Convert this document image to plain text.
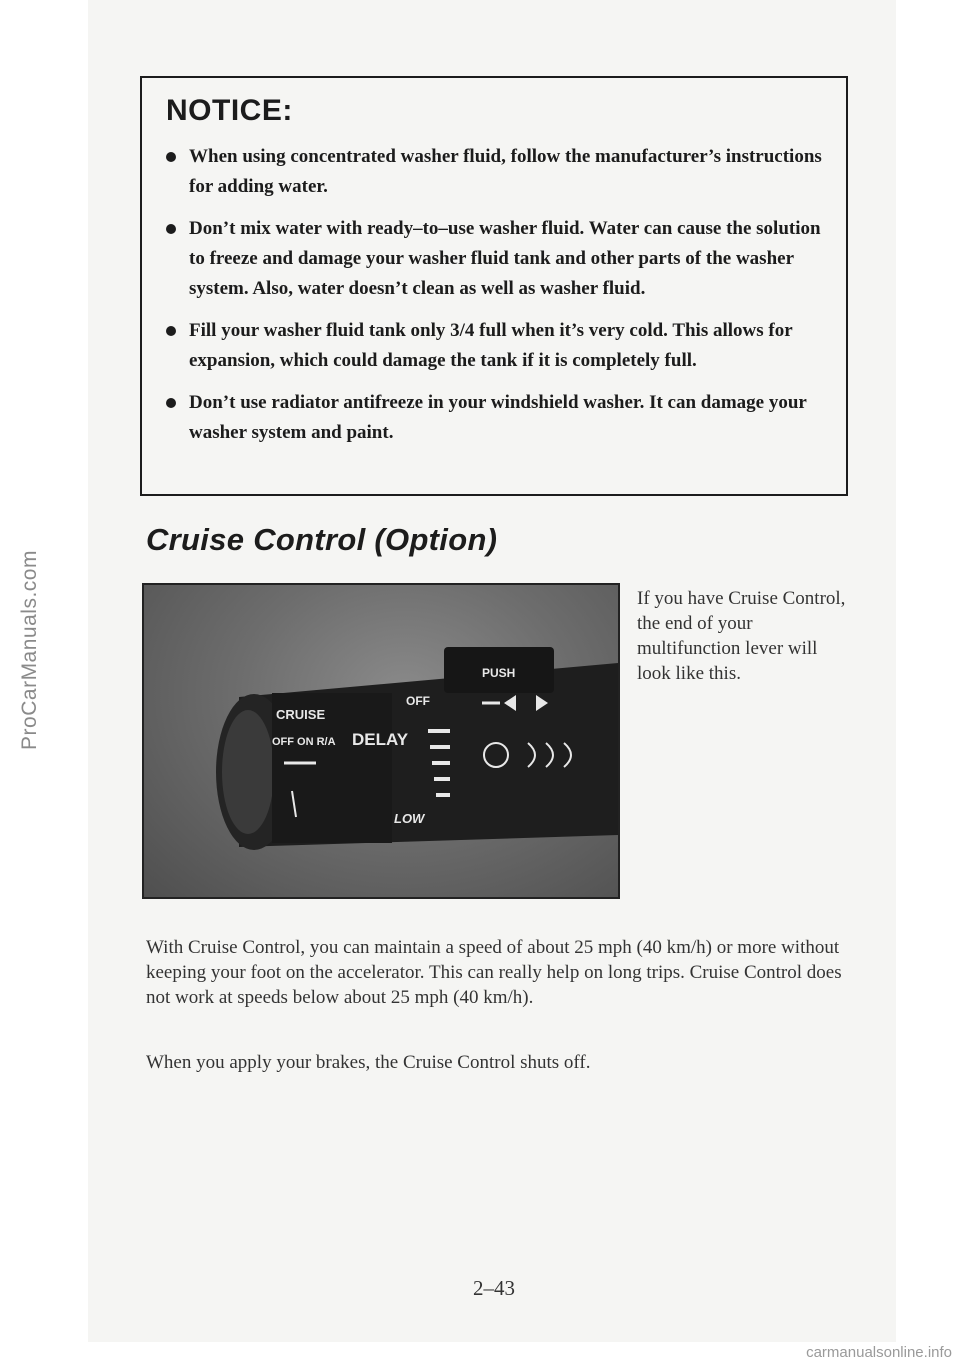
ProCarManuals.com
NOTICE:
When using concentrated washer fluid, follow the manufacturer’s instructions for adding water.
Don’t mix water with ready–to–use washer fluid. Water can cause the solution to freeze and damage your washer fluid tank and other parts of the washer system. Also, water doesn’t clean as well as washer fluid.
Fill your washer fluid tank only 3/4 full when it’s very cold. This allows for expansion, which could damage the tank if it is completely full.
Don’t use radiator antifreeze in your windshield washer. It can damage your washer system and paint.
Cruise Control (Option)
CRUISE
OFF ON R/A DELAY
OFF
PUSH
LOW

If you have Cruise Control, the end of your multifunction lever will look like this.

With Cruise Control, you can maintain a speed of about 25 mph (40 km/h) or more without keeping your foot on the accelerator. This can really help on long trips. Cruise Control does not work at speeds below about 25 mph (40 km/h).

When you apply your brakes, the Cruise Control shuts off.

2–43
carmanualsonline.info
